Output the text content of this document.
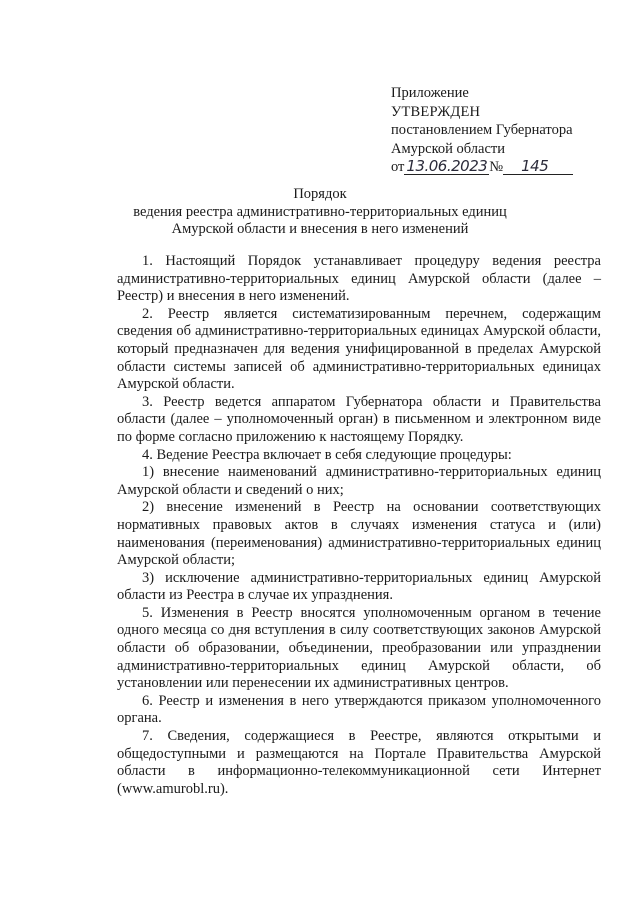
Приложение
УТВЕРЖДЕН
постановлением Губернатора
Амурской области
от 13.06.2023 № 145
Порядок
ведения реестра административно-территориальных единиц
Амурской области и внесения в него изменений

1. Настоящий Порядок устанавливает процедуру ведения реестра административно-территориальных единиц Амурской области (далее – Реестр) и внесения в него изменений.

2. Реестр является систематизированным перечнем, содержащим сведения об административно-территориальных единицах Амурской области, который предназначен для ведения унифицированной в пределах Амурской области системы записей об административно-территориальных единицах Амурской области.

3. Реестр ведется аппаратом Губернатора области и Правительства области (далее – уполномоченный орган) в письменном и электронном виде по форме согласно приложению к настоящему Порядку.

4. Ведение Реестра включает в себя следующие процедуры:

1) внесение наименований административно-территориальных единиц Амурской области и сведений о них;

2) внесение изменений в Реестр на основании соответствующих нормативных правовых актов в случаях изменения статуса и (или) наименования (переименования) административно-территориальных единиц Амурской области;

3) исключение административно-территориальных единиц Амурской области из Реестра в случае их упразднения.

5. Изменения в Реестр вносятся уполномоченным органом в течение одного месяца со дня вступления в силу соответствующих законов Амурской области об образовании, объединении, преобразовании или упразднении административно-территориальных единиц Амурской области, об установлении или перенесении их административных центров.

6. Реестр и изменения в него утверждаются приказом уполномоченного органа.

7. Сведения, содержащиеся в Реестре, являются открытыми и общедоступными и размещаются на Портале Правительства Амурской области в информационно-телекоммуникационной сети Интернет (www.amurobl.ru).
